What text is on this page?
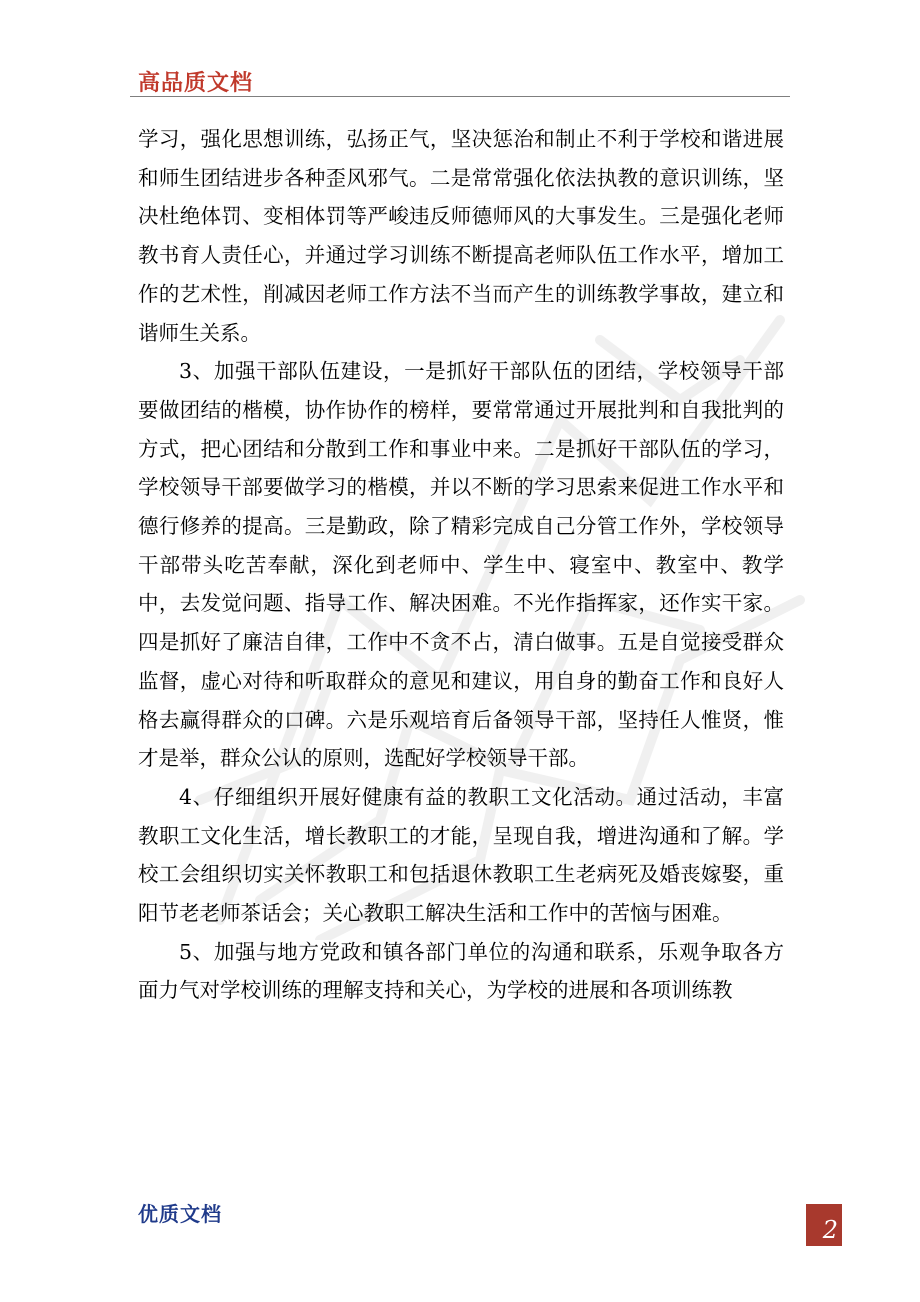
高品质文档

学习，强化思想训练，弘扬正气，坚决惩治和制止不利于学校和谐进展和师生团结进步各种歪风邪气。二是常常强化依法执教的意识训练，坚决杜绝体罚、变相体罚等严峻违反师德师风的大事发生。三是强化老师教书育人责任心，并通过学习训练不断提高老师队伍工作水平，增加工作的艺术性，削减因老师工作方法不当而产生的训练教学事故，建立和谐师生关系。

3、加强干部队伍建设，一是抓好干部队伍的团结，学校领导干部要做团结的楷模，协作协作的榜样，要常常通过开展批判和自我批判的方式，把心团结和分散到工作和事业中来。二是抓好干部队伍的学习，学校领导干部要做学习的楷模，并以不断的学习思索来促进工作水平和德行修养的提高。三是勤政，除了精彩完成自己分管工作外，学校领导干部带头吃苦奉献，深化到老师中、学生中、寝室中、教室中、教学中，去发觉问题、指导工作、解决困难。不光作指挥家，还作实干家。四是抓好了廉洁自律，工作中不贪不占，清白做事。五是自觉接受群众监督，虚心对待和听取群众的意见和建议，用自身的勤奋工作和良好人格去赢得群众的口碑。六是乐观培育后备领导干部，坚持任人惟贤，惟才是举，群众公认的原则，选配好学校领导干部。

4、仔细组织开展好健康有益的教职工文化活动。通过活动，丰富教职工文化生活，增长教职工的才能，呈现自我，增进沟通和了解。学校工会组织切实关怀教职工和包括退休教职工生老病死及婚丧嫁娶，重阳节老老师茶话会；关心教职工解决生活和工作中的苦恼与困难。

5、加强与地方党政和镇各部门单位的沟通和联系，乐观争取各方面力气对学校训练的理解支持和关心，为学校的进展和各项训练教

优质文档
2
